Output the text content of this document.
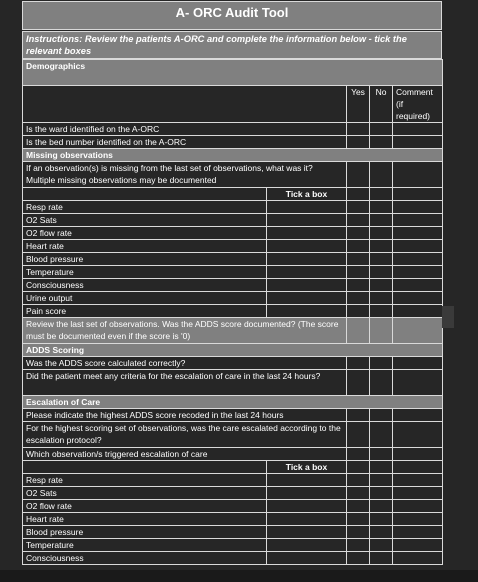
A- ORC Audit Tool
Instructions: Review the patients A-ORC and complete the information below - tick the relevant boxes
Demographics				
		Yes	No	Comment (if required)
Is the ward identified on the A-ORC				
Is the bed number identified on the A-ORC				
Missing observations				
If an observation(s) is missing from the last set of observations, what was it? Multiple missing observations may be documented				
	Tick a box			
Resp rate				
O2 Sats				
O2 flow rate				
Heart rate				
Blood pressure				
Temperature				
Consciousness				
Urine output				
Pain score				
Review the last set of observations. Was the ADDS score documented? (The score must be documented even if the score is '0)				
ADDS Scoring				
Was the ADDS score calculated correctly?				
Did the patient meet any criteria for the escalation of care in the last 24 hours?				
Escalation of Care				
Please indicate the highest ADDS score recoded in the last 24 hours				
For the highest scoring set of observations, was the care escalated according to the escalation protocol?				
Which observation/s triggered escalation of care				
	Tick a box			
Resp rate				
O2 Sats				
O2 flow rate				
Heart rate				
Blood pressure				
Temperature				
Consciousness				
